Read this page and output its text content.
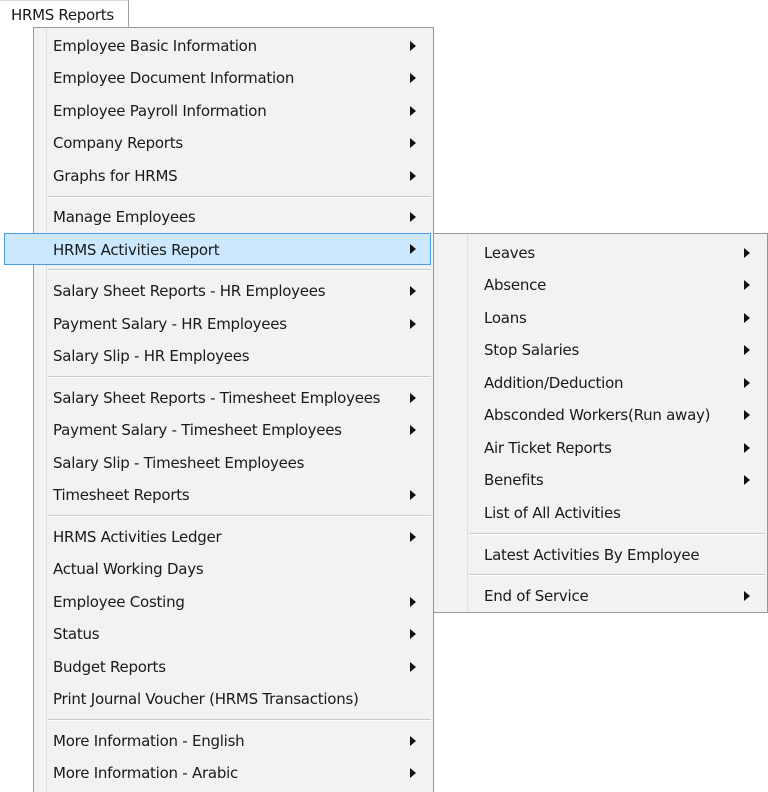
HRMS Reports
Employee Basic Information
Employee Document Information
Employee Payroll Information
Company Reports
Graphs for HRMS
Manage Employees
HRMS Activities Report
Salary Sheet Reports - HR Employees
Payment Salary - HR Employees
Salary Slip - HR Employees
Salary Sheet Reports - Timesheet Employees
Payment Salary - Timesheet Employees
Salary Slip - Timesheet Employees
Timesheet Reports
HRMS Activities Ledger
Actual Working Days
Employee Costing
Status
Budget Reports
Print Journal Voucher (HRMS Transactions)
More Information - English
More Information - Arabic
Leaves
Absence
Loans
Stop Salaries
Addition/Deduction
Absconded Workers(Run away)
Air Ticket Reports
Benefits
List of All Activities
Latest Activities By Employee
End of Service
